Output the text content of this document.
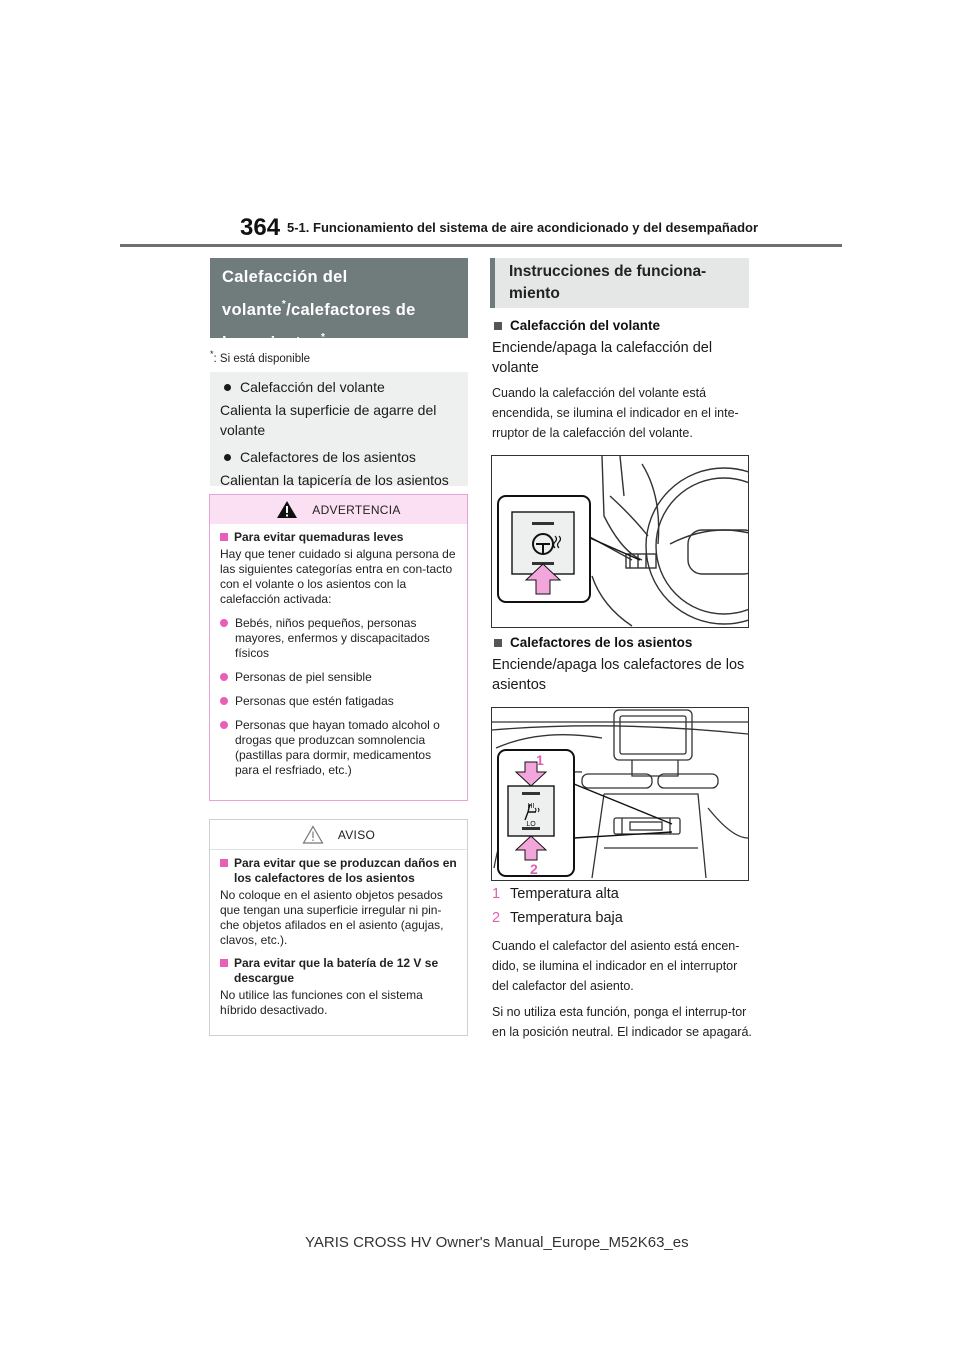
364 5-1. Funcionamiento del sistema de aire acondicionado y del desempañador
Calefacción del
volante*/calefactores de
los asientos*
*: Si está disponible
Calefacción del volante
Calienta la superficie de agarre del volante
Calefactores de los asientos
Calientan la tapicería de los asientos
ADVERTENCIA
Para evitar quemaduras leves
Hay que tener cuidado si alguna persona de las siguientes categorías entra en con-tacto con el volante o los asientos con la calefacción activada:
Bebés, niños pequeños, personas mayores, enfermos y discapacitados físicos
Personas de piel sensible
Personas que estén fatigadas
Personas que hayan tomado alcohol o drogas que produzcan somnolencia (pastillas para dormir, medicamentos para el resfriado, etc.)
AVISO
Para evitar que se produzcan daños en los calefactores de los asientos
No coloque en el asiento objetos pesados que tengan una superficie irregular ni pin-che objetos afilados en el asiento (agujas, clavos, etc.).
Para evitar que la batería de 12 V se descargue
No utilice las funciones con el sistema híbrido desactivado.
Instrucciones de funciona-miento
Calefacción del volante
Enciende/apaga la calefacción del volante
Cuando la calefacción del volante está encendida, se ilumina el indicador en el inte-rruptor de la calefacción del volante.
Calefactores de los asientos
Enciende/apaga los calefactores de los asientos
HI
LO
1
2
1 Temperatura alta
2 Temperatura baja
Cuando el calefactor del asiento está encen-dido, se ilumina el indicador en el interruptor del calefactor del asiento.
Si no utiliza esta función, ponga el interrup-tor en la posición neutral. El indicador se apagará.
YARIS CROSS HV Owner's Manual_Europe_M52K63_es
